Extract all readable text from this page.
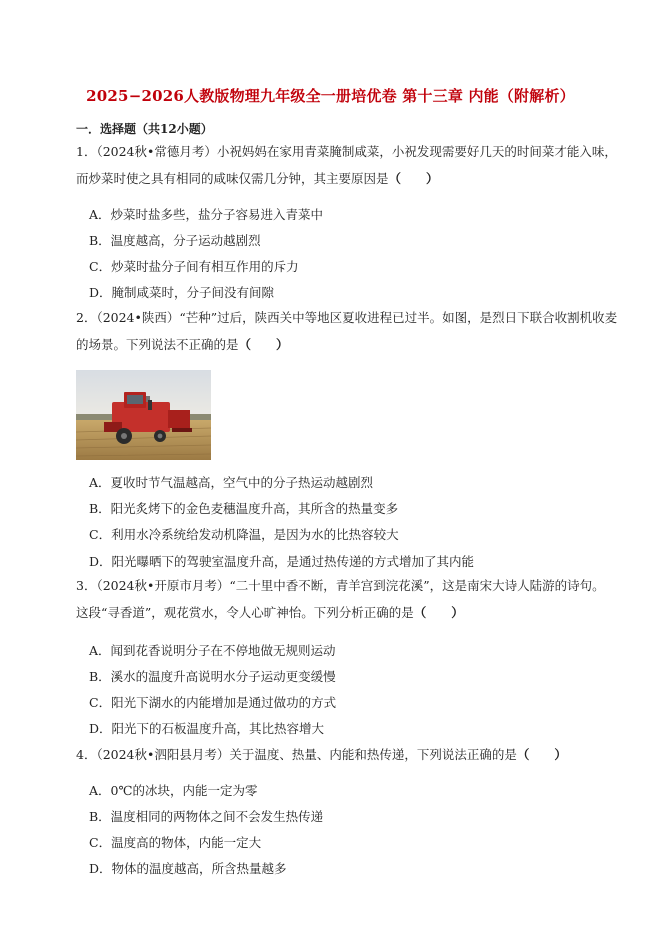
2025−2026人教版物理九年级全一册培优卷 第十三章 内能（附解析）
一．选择题（共12小题）
1．（2024秋•常德月考）小祝妈妈在家用青菜腌制咸菜，小祝发现需要好几天的时间菜才能入味，
而炒菜时使之具有相同的咸味仅需几分钟，其主要原因是（　　）
A．炒菜时盐多些，盐分子容易进入青菜中
B．温度越高，分子运动越剧烈
C．炒菜时盐分子间有相互作用的斥力
D．腌制咸菜时，分子间没有间隙
2．（2024•陕西）“芒种”过后，陕西关中等地区夏收进程已过半。如图，是烈日下联合收割机收麦
的场景。下列说法不正确的是（　　）
A．夏收时节气温越高，空气中的分子热运动越剧烈
B．阳光炙烤下的金色麦穗温度升高，其所含的热量变多
C．利用水冷系统给发动机降温，是因为水的比热容较大
D．阳光曝晒下的驾驶室温度升高，是通过热传递的方式增加了其内能
3．（2024秋•开原市月考）“二十里中香不断，青羊宫到浣花溪”，这是南宋大诗人陆游的诗句。
这段“寻香道”，观花赏水，令人心旷神怡。下列分析正确的是（　　）
A．闻到花香说明分子在不停地做无规则运动
B．溪水的温度升高说明水分子运动更变缓慢
C．阳光下湖水的内能增加是通过做功的方式
D．阳光下的石板温度升高，其比热容增大
4．（2024秋•泗阳县月考）关于温度、热量、内能和热传递，下列说法正确的是（　　）
A．0℃的冰块，内能一定为零
B．温度相同的两物体之间不会发生热传递
C．温度高的物体，内能一定大
D．物体的温度越高，所含热量越多
